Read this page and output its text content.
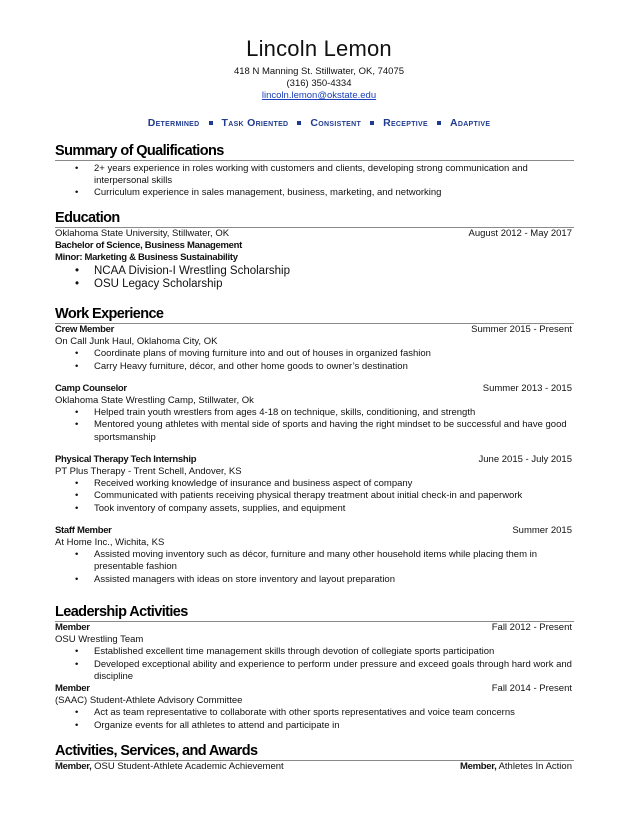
Lincoln Lemon
418 N Manning St. Stillwater, OK, 74075
(316) 350-4334
lincoln.lemon@okstate.edu
Determined Task Oriented Consistent Receptive Adaptive
Summary of Qualifications
• 2+ years experience in roles working with customers and clients, developing strong communication and interpersonal skills
• Curriculum experience in sales management, business, marketing, and networking
Education
Oklahoma State University, Stillwater, OK	August 2012 - May 2017
Bachelor of Science, Business Management
Minor: Marketing & Business Sustainability
• NCAA Division-I Wrestling Scholarship
• OSU Legacy Scholarship
Work Experience
Crew Member	Summer 2015 - Present
On Call Junk Haul, Oklahoma City, OK
• Coordinate plans of moving furniture into and out of houses in organized fashion
• Carry Heavy furniture, décor, and other home goods to owner’s destination
Camp Counselor	Summer 2013 - 2015
Oklahoma State Wrestling Camp, Stillwater, Ok
• Helped train youth wrestlers from ages 4-18 on technique, skills, conditioning, and strength
• Mentored young athletes with mental side of sports and having the right mindset to be successful and have good sportsmanship
Physical Therapy Tech Internship	June 2015 - July 2015
PT Plus Therapy - Trent Schell, Andover, KS
• Received working knowledge of insurance and business aspect of company
• Communicated with patients receiving physical therapy treatment about initial check-in and paperwork
• Took inventory of company assets, supplies, and equipment
Staff Member	Summer 2015
At Home Inc., Wichita, KS
• Assisted moving inventory such as décor, furniture and many other household items while placing them in presentable fashion
• Assisted managers with ideas on store inventory and layout preparation
Leadership Activities
Member	Fall 2012 - Present
OSU Wrestling Team
• Established excellent time management skills through devotion of collegiate sports participation
• Developed exceptional ability and experience to perform under pressure and exceed goals through hard work and discipline
Member	Fall 2014 - Present
(SAAC) Student-Athlete Advisory Committee
• Act as team representative to collaborate with other sports representatives and voice team concerns
• Organize events for all athletes to attend and participate in
Activities, Services, and Awards
Member, OSU Student-Athlete Academic Achievement	Member, Athletes In Action
